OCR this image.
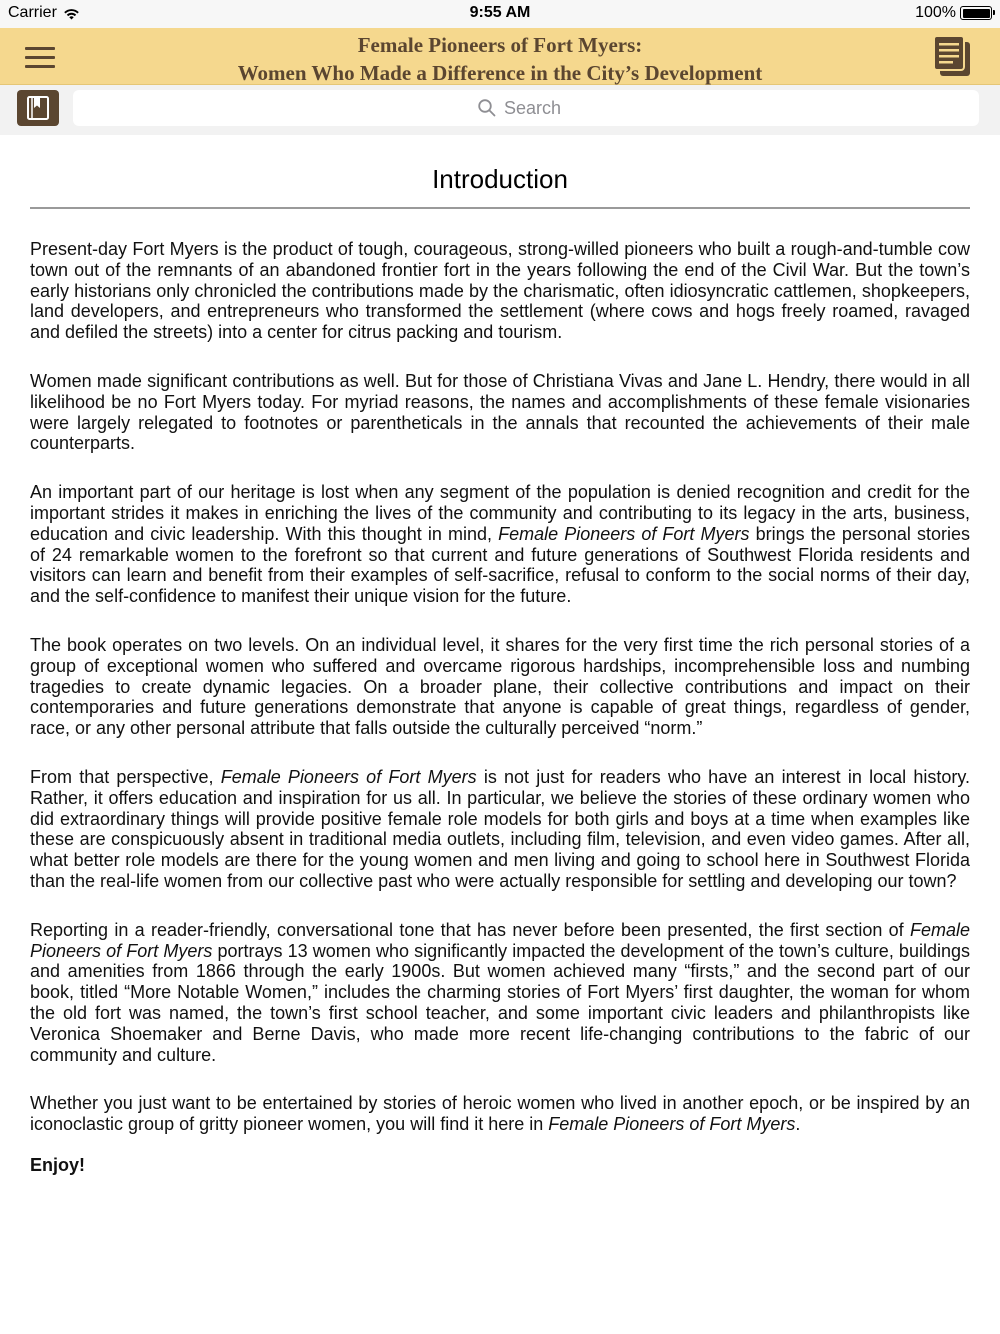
Carrier	9:55 AM	100%
Female Pioneers of Fort Myers:
Women Who Made a Difference in the City’s Development
Search
Introduction

Present-day Fort Myers is the product of tough, courageous, strong-willed pioneers who built a rough-and-tumble cow town out of the remnants of an abandoned frontier fort in the years following the end of the Civil War. But the town’s early historians only chronicled the contributions made by the charismatic, often idiosyncratic cattlemen, shopkeepers, land developers, and entrepreneurs who transformed the settlement (where cows and hogs freely roamed, ravaged and defiled the streets) into a center for citrus packing and tourism.

Women made significant contributions as well. But for those of Christiana Vivas and Jane L. Hendry, there would in all likelihood be no Fort Myers today. For myriad reasons, the names and accomplishments of these female visionaries were largely relegated to footnotes or parentheticals in the annals that recounted the achievements of their male counterparts.

An important part of our heritage is lost when any segment of the population is denied recognition and credit for the important strides it makes in enriching the lives of the community and contributing to its legacy in the arts, business, education and civic leadership. With this thought in mind, Female Pioneers of Fort Myers brings the personal stories of 24 remarkable women to the forefront so that current and future generations of Southwest Florida residents and visitors can learn and benefit from their examples of self-sacrifice, refusal to conform to the social norms of their day, and the self-confidence to manifest their unique vision for the future.

The book operates on two levels. On an individual level, it shares for the very first time the rich personal stories of a group of exceptional women who suffered and overcame rigorous hardships, incomprehensible loss and numbing tragedies to create dynamic legacies. On a broader plane, their collective contributions and impact on their contemporaries and future generations demonstrate that anyone is capable of great things, regardless of gender, race, or any other personal attribute that falls outside the culturally perceived “norm.”

From that perspective, Female Pioneers of Fort Myers is not just for readers who have an interest in local history. Rather, it offers education and inspiration for us all. In particular, we believe the stories of these ordinary women who did extraordinary things will provide positive female role models for both girls and boys at a time when examples like these are conspicuously absent in traditional media outlets, including film, television, and even video games. After all, what better role models are there for the young women and men living and going to school here in Southwest Florida than the real-life women from our collective past who were actually responsible for settling and developing our town?

Reporting in a reader-friendly, conversational tone that has never before been presented, the first section of Female Pioneers of Fort Myers portrays 13 women who significantly impacted the development of the town’s culture, buildings and amenities from 1866 through the early 1900s. But women achieved many “firsts,” and the second part of our book, titled “More Notable Women,” includes the charming stories of Fort Myers’ first daughter, the woman for whom the old fort was named, the town’s first school teacher, and some important civic leaders and philanthropists like Veronica Shoemaker and Berne Davis, who made more recent life-changing contributions to the fabric of our community and culture.

Whether you just want to be entertained by stories of heroic women who lived in another epoch, or be inspired by an iconoclastic group of gritty pioneer women, you will find it here in Female Pioneers of Fort Myers.

Enjoy!
